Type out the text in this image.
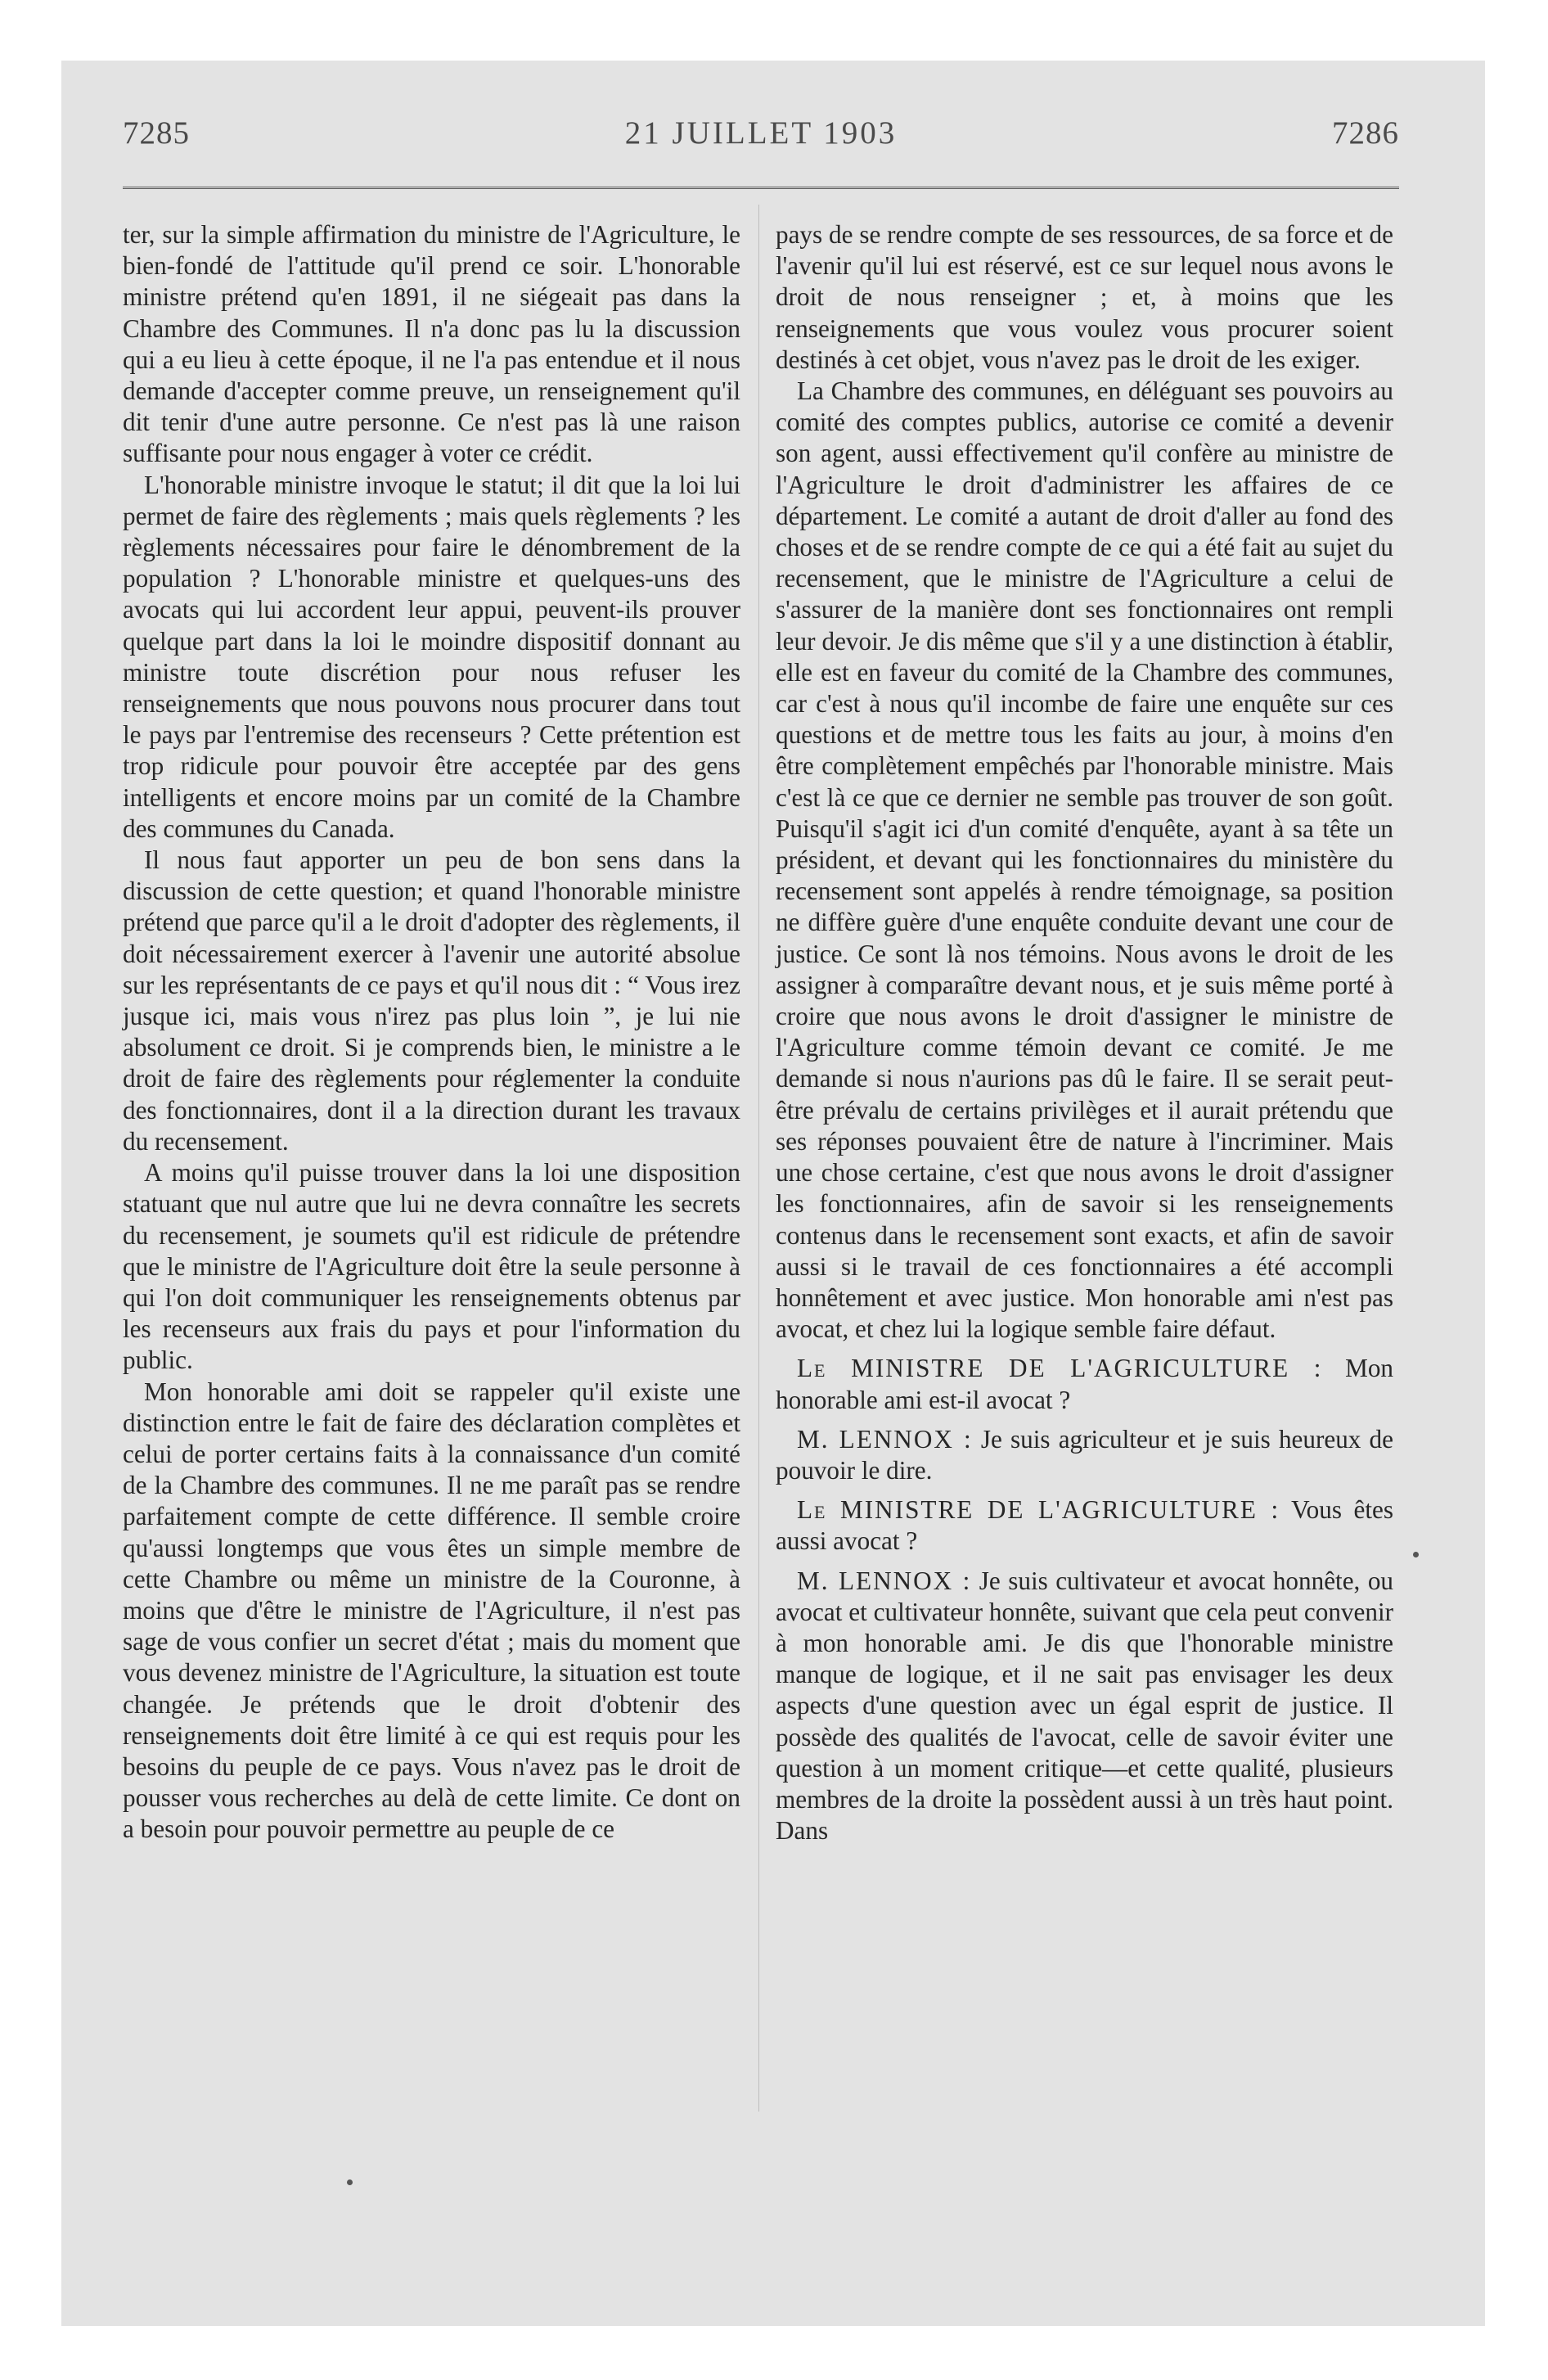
7285	21 JUILLET 1903	7286

ter, sur la simple affirmation du ministre de l'Agriculture, le bien-fondé de l'attitude qu'il prend ce soir. L'honorable ministre prétend qu'en 1891, il ne siégeait pas dans la Chambre des Communes. Il n'a donc pas lu la discussion qui a eu lieu à cette époque, il ne l'a pas entendue et il nous demande d'accepter comme preuve, un renseignement qu'il dit tenir d'une autre personne. Ce n'est pas là une raison suffisante pour nous engager à voter ce crédit.

L'honorable ministre invoque le statut; il dit que la loi lui permet de faire des règlements ; mais quels règlements ? les règlements nécessaires pour faire le dénombrement de la population ? L'honorable ministre et quelques-uns des avocats qui lui accordent leur appui, peuvent-ils prouver quelque part dans la loi le moindre dispositif donnant au ministre toute discrétion pour nous refuser les renseignements que nous pouvons nous procurer dans tout le pays par l'entremise des recenseurs ? Cette prétention est trop ridicule pour pouvoir être acceptée par des gens intelligents et encore moins par un comité de la Chambre des communes du Canada.

Il nous faut apporter un peu de bon sens dans la discussion de cette question; et quand l'honorable ministre prétend que parce qu'il a le droit d'adopter des règlements, il doit nécessairement exercer à l'avenir une autorité absolue sur les représentants de ce pays et qu'il nous dit : “ Vous irez jusque ici, mais vous n'irez pas plus loin ”, je lui nie absolument ce droit. Si je comprends bien, le ministre a le droit de faire des règlements pour réglementer la conduite des fonctionnaires, dont il a la direction durant les travaux du recensement.

A moins qu'il puisse trouver dans la loi une disposition statuant que nul autre que lui ne devra connaître les secrets du recensement, je soumets qu'il est ridicule de prétendre que le ministre de l'Agriculture doit être la seule personne à qui l'on doit communiquer les renseignements obtenus par les recenseurs aux frais du pays et pour l'information du public.

Mon honorable ami doit se rappeler qu'il existe une distinction entre le fait de faire des déclaration complètes et celui de porter certains faits à la connaissance d'un comité de la Chambre des communes. Il ne me paraît pas se rendre parfaitement compte de cette différence. Il semble croire qu'aussi longtemps que vous êtes un simple membre de cette Chambre ou même un ministre de la Couronne, à moins que d'être le ministre de l'Agriculture, il n'est pas sage de vous confier un secret d'état ; mais du moment que vous devenez ministre de l'Agriculture, la situation est toute changée. Je prétends que le droit d'obtenir des renseignements doit être limité à ce qui est requis pour les besoins du peuple de ce pays. Vous n'avez pas le droit de pousser vous recherches au delà de cette limite. Ce dont on a besoin pour pouvoir permettre au peuple de ce

pays de se rendre compte de ses ressources, de sa force et de l'avenir qu'il lui est réservé, est ce sur lequel nous avons le droit de nous renseigner ; et, à moins que les renseignements que vous voulez vous procurer soient destinés à cet objet, vous n'avez pas le droit de les exiger.

La Chambre des communes, en déléguant ses pouvoirs au comité des comptes publics, autorise ce comité a devenir son agent, aussi effectivement qu'il confère au ministre de l'Agriculture le droit d'administrer les affaires de ce département. Le comité a autant de droit d'aller au fond des choses et de se rendre compte de ce qui a été fait au sujet du recensement, que le ministre de l'Agriculture a celui de s'assurer de la manière dont ses fonctionnaires ont rempli leur devoir. Je dis même que s'il y a une distinction à établir, elle est en faveur du comité de la Chambre des communes, car c'est à nous qu'il incombe de faire une enquête sur ces questions et de mettre tous les faits au jour, à moins d'en être complètement empêchés par l'honorable ministre. Mais c'est là ce que ce dernier ne semble pas trouver de son goût. Puisqu'il s'agit ici d'un comité d'enquête, ayant à sa tête un président, et devant qui les fonctionnaires du ministère du recensement sont appelés à rendre témoignage, sa position ne diffère guère d'une enquête conduite devant une cour de justice. Ce sont là nos témoins. Nous avons le droit de les assigner à comparaître devant nous, et je suis même porté à croire que nous avons le droit d'assigner le ministre de l'Agriculture comme témoin devant ce comité. Je me demande si nous n'aurions pas dû le faire. Il se serait peut-être prévalu de certains privilèges et il aurait prétendu que ses réponses pouvaient être de nature à l'incriminer. Mais une chose certaine, c'est que nous avons le droit d'assigner les fonctionnaires, afin de savoir si les renseignements contenus dans le recensement sont exacts, et afin de savoir aussi si le travail de ces fonctionnaires a été accompli honnêtement et avec justice. Mon honorable ami n'est pas avocat, et chez lui la logique semble faire défaut.

Le MINISTRE DE L'AGRICULTURE : Mon honorable ami est-il avocat ?

M. LENNOX : Je suis agriculteur et je suis heureux de pouvoir le dire.

Le MINISTRE DE L'AGRICULTURE : Vous êtes aussi avocat ?

M. LENNOX : Je suis cultivateur et avocat honnête, ou avocat et cultivateur honnête, suivant que cela peut convenir à mon honorable ami. Je dis que l'honorable ministre manque de logique, et il ne sait pas envisager les deux aspects d'une question avec un égal esprit de justice. Il possède des qualités de l'avocat, celle de savoir éviter une question à un moment critique—et cette qualité, plusieurs membres de la droite la possèdent aussi à un très haut point. Dans
